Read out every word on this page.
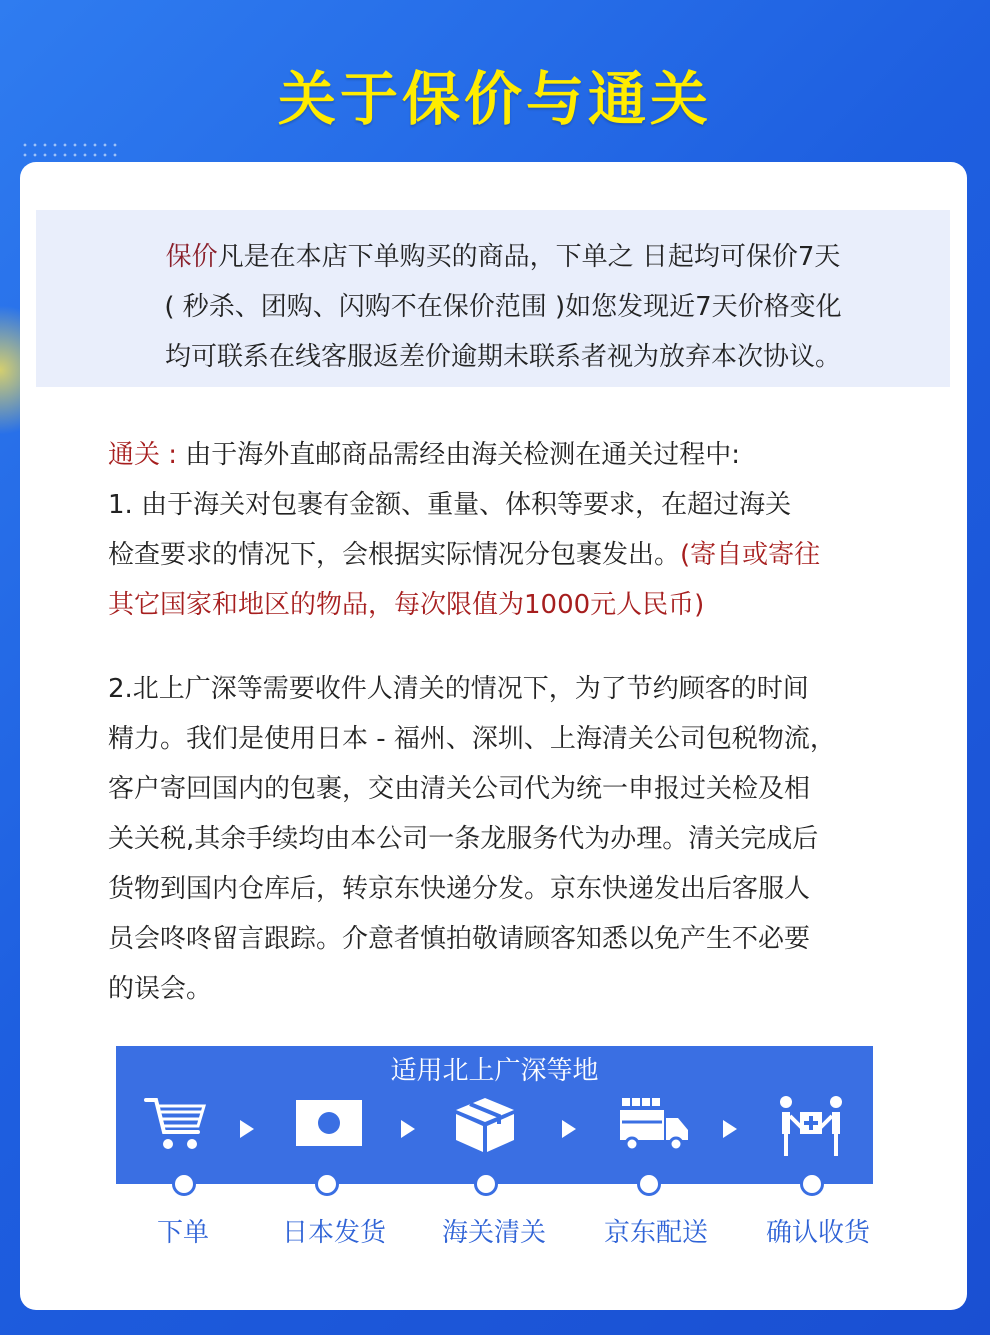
关于保价与通关
保价凡是在本店下单购买的商品，下单之 日起均可保价7天
( 秒杀、团购、闪购不在保价范围 )如您发现近7天价格变化
均可联系在线客服返差价逾期未联系者视为放弃本次协议。
通关 : 由于海外直邮商品需经由海关检测在通关过程中:
1. 由于海关对包裹有金额、重量、体积等要求，在超过海关
检查要求的情况下，会根据实际情况分包裹发出。(寄自或寄往
其它国家和地区的物品，每次限值为1000元人民币)
2.北上广深等需要收件人清关的情况下，为了节约顾客的时间
精力。我们是使用日本 - 福州、深圳、上海清关公司包税物流，
客户寄回国内的包裹，交由清关公司代为统一申报过关检及相
关关税,其余手续均由本公司一条龙服务代为办理。清关完成后
货物到国内仓库后，转京东快递分发。京东快递发出后客服人
员会咚咚留言跟踪。介意者慎拍敬请顾客知悉以免产生不必要
的误会。
适用北上广深等地
下单	日本发货	海关清关	京东配送	确认收货
